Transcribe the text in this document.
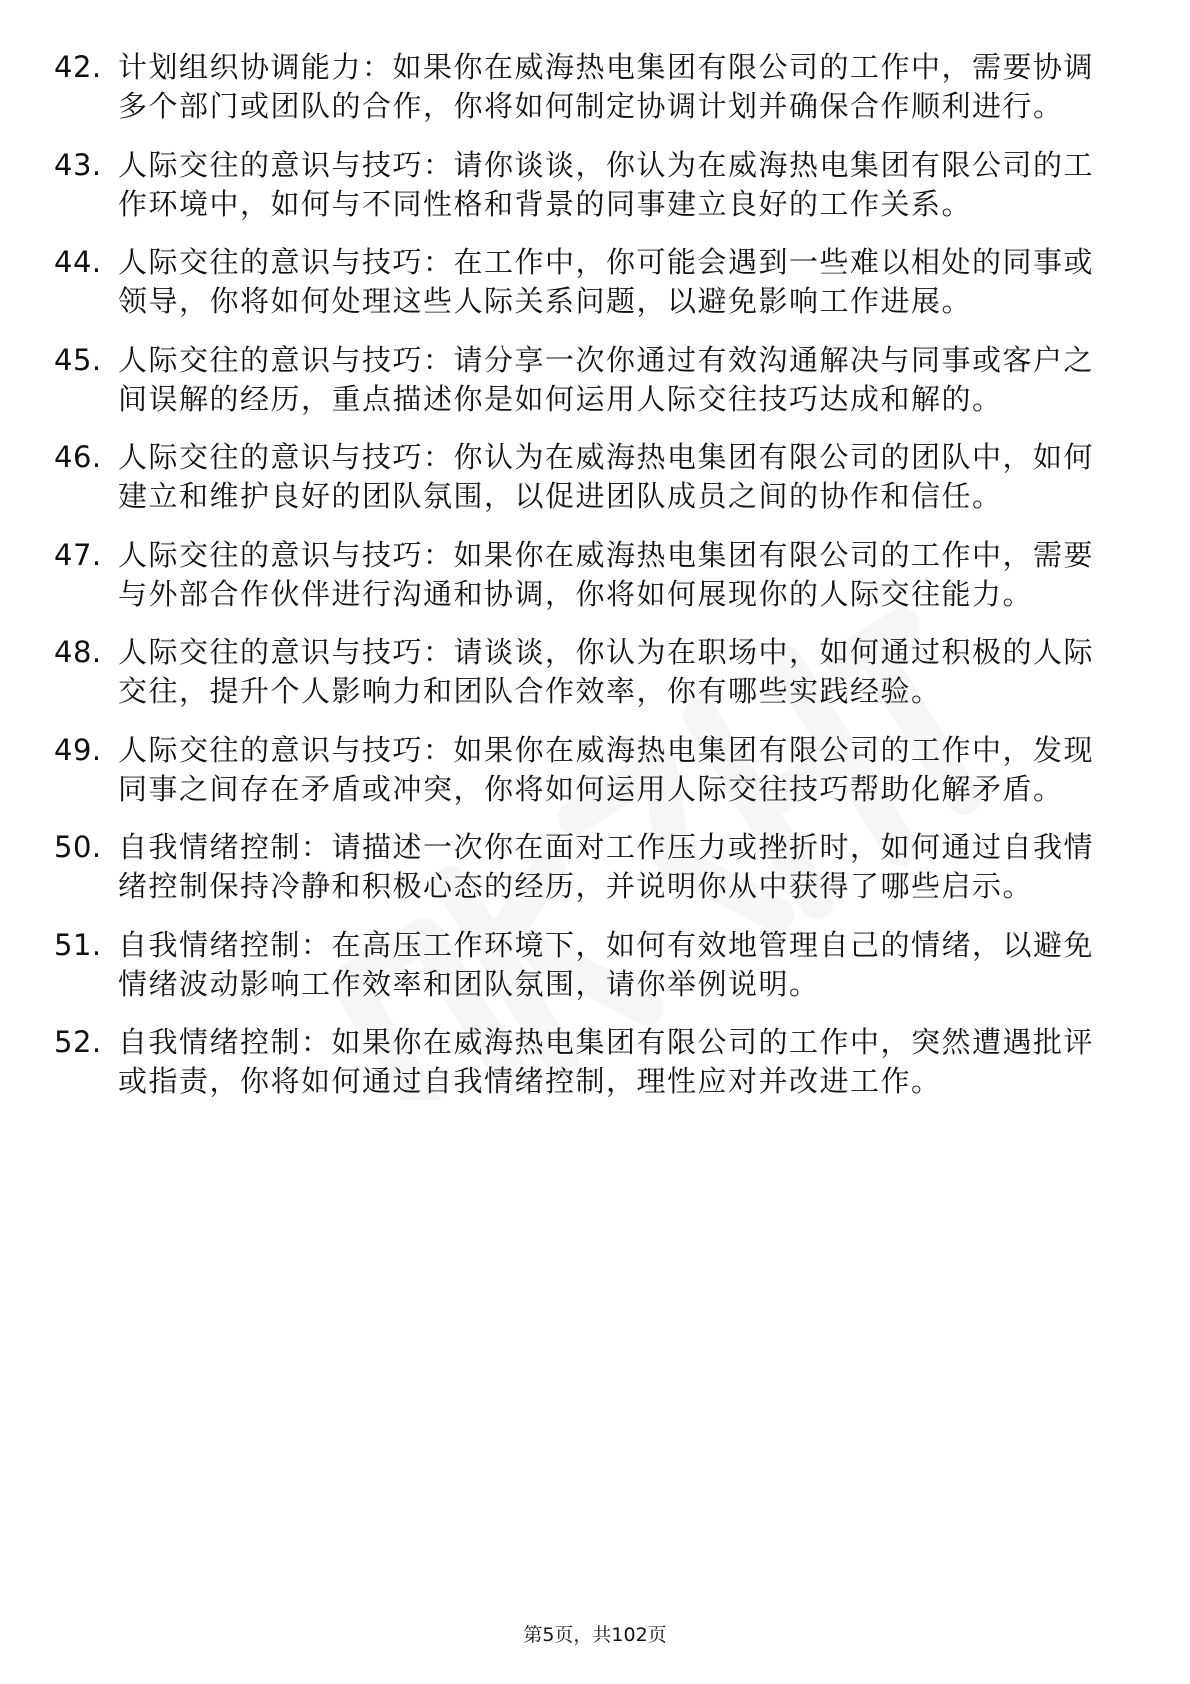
42. 计划组织协调能力：如果你在威海热电集团有限公司的工作中，需要协调多个部门或团队的合作，你将如何制定协调计划并确保合作顺利进行。
43. 人际交往的意识与技巧：请你谈谈，你认为在威海热电集团有限公司的工作环境中，如何与不同性格和背景的同事建立良好的工作关系。
44. 人际交往的意识与技巧：在工作中，你可能会遇到一些难以相处的同事或领导，你将如何处理这些人际关系问题，以避免影响工作进展。
45. 人际交往的意识与技巧：请分享一次你通过有效沟通解决与同事或客户之间误解的经历，重点描述你是如何运用人际交往技巧达成和解的。
46. 人际交往的意识与技巧：你认为在威海热电集团有限公司的团队中，如何建立和维护良好的团队氛围，以促进团队成员之间的协作和信任。
47. 人际交往的意识与技巧：如果你在威海热电集团有限公司的工作中，需要与外部合作伙伴进行沟通和协调，你将如何展现你的人际交往能力。
48. 人际交往的意识与技巧：请谈谈，你认为在职场中，如何通过积极的人际交往，提升个人影响力和团队合作效率，你有哪些实践经验。
49. 人际交往的意识与技巧：如果你在威海热电集团有限公司的工作中，发现同事之间存在矛盾或冲突，你将如何运用人际交往技巧帮助化解矛盾。
50. 自我情绪控制：请描述一次你在面对工作压力或挫折时，如何通过自我情绪控制保持冷静和积极心态的经历，并说明你从中获得了哪些启示。
51. 自我情绪控制：在高压工作环境下，如何有效地管理自己的情绪，以避免情绪波动影响工作效率和团队氛围，请你举例说明。
52. 自我情绪控制：如果你在威海热电集团有限公司的工作中，突然遭遇批评或指责，你将如何通过自我情绪控制，理性应对并改进工作。
第5页，共102页
